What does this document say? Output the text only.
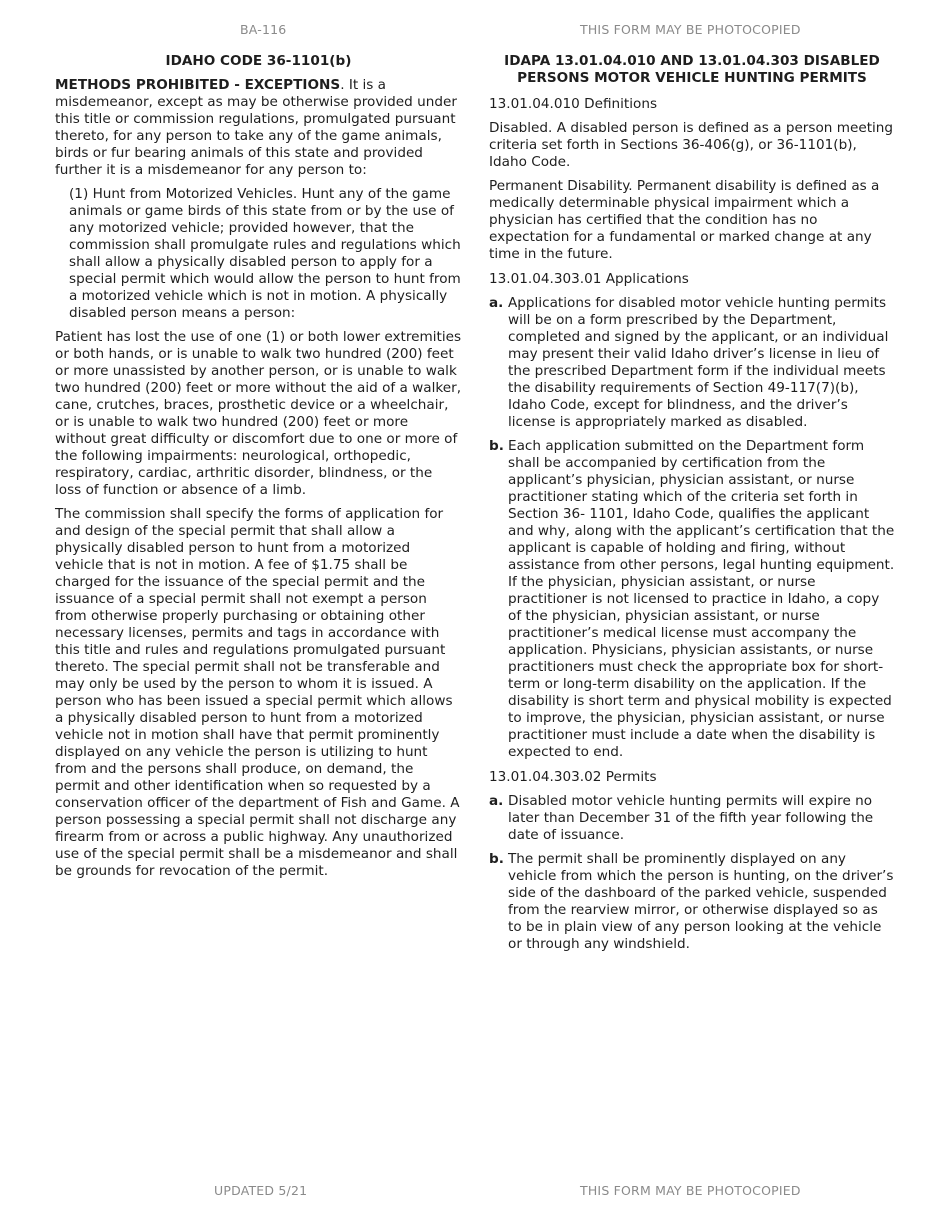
BA-116	THIS FORM MAY BE PHOTOCOPIED
IDAHO CODE 36-1101(b)

METHODS PROHIBITED - EXCEPTIONS. It is a misdemeanor, except as may be otherwise provided under this title or commission regulations, promulgated pursuant thereto, for any person to take any of the game animals, birds or fur bearing animals of this state and provided further it is a misdemeanor for any person to:

(1) Hunt from Motorized Vehicles. Hunt any of the game animals or game birds of this state from or by the use of any motorized vehicle; provided however, that the commission shall promulgate rules and regulations which shall allow a physically disabled person to apply for a special permit which would allow the person to hunt from a motorized vehicle which is not in motion. A physically disabled person means a person:

Patient has lost the use of one (1) or both lower extremities or both hands, or is unable to walk two hundred (200) feet or more unassisted by another person, or is unable to walk two hundred (200) feet or more without the aid of a walker, cane, crutches, braces, prosthetic device or a wheelchair, or is unable to walk two hundred (200) feet or more without great difficulty or discomfort due to one or more of the following impairments: neurological, orthopedic, respiratory, cardiac, arthritic disorder, blindness, or the loss of function or absence of a limb.

The commission shall specify the forms of application for and design of the special permit that shall allow a physically disabled person to hunt from a motorized vehicle that is not in motion. A fee of $1.75 shall be charged for the issuance of the special permit and the issuance of a special permit shall not exempt a person from otherwise properly purchasing or obtaining other necessary licenses, permits and tags in accordance with this title and rules and regulations promulgated pursuant thereto. The special permit shall not be transferable and may only be used by the person to whom it is issued. A person who has been issued a special permit which allows a physically disabled person to hunt from a motorized vehicle not in motion shall have that permit prominently displayed on any vehicle the person is utilizing to hunt from and the persons shall produce, on demand, the permit and other identification when so requested by a conservation officer of the department of Fish and Game. A person possessing a special permit shall not discharge any firearm from or across a public highway. Any unauthorized use of the special permit shall be a misdemeanor and shall be grounds for revocation of the permit.

IDAPA 13.01.04.010 AND 13.01.04.303 DISABLED
PERSONS MOTOR VEHICLE HUNTING PERMITS
13.01.04.010 Definitions

Disabled. A disabled person is defined as a person meeting criteria set forth in Sections 36-406(g), or 36-1101(b), Idaho Code.

Permanent Disability. Permanent disability is defined as a medically determinable physical impairment which a physician has certified that the condition has no expectation for a fundamental or marked change at any time in the future.

13.01.04.303.01 Applications
a. Applications for disabled motor vehicle hunting permits will be on a form prescribed by the Department, completed and signed by the applicant, or an individual may present their valid Idaho driver’s license in lieu of the prescribed Department form if the individual meets the disability requirements of Section 49-117(7)(b), Idaho Code, except for blindness, and the driver’s license is appropriately marked as disabled.
b. Each application submitted on the Department form shall be accompanied by certification from the applicant’s physician, physician assistant, or nurse practitioner stating which of the criteria set forth in Section 36- 1101, Idaho Code, qualifies the applicant and why, along with the applicant’s certification that the applicant is capable of holding and firing, without assistance from other persons, legal hunting equipment. If the physician, physician assistant, or nurse practitioner is not licensed to practice in Idaho, a copy of the physician, physician assistant, or nurse practitioner’s medical license must accompany the application. Physicians, physician assistants, or nurse practitioners must check the appropriate box for short-term or long-term disability on the application. If the disability is short term and physical mobility is expected to improve, the physician, physician assistant, or nurse practitioner must include a date when the disability is expected to end.
13.01.04.303.02 Permits
a. Disabled motor vehicle hunting permits will expire no later than December 31 of the fifth year following the date of issuance.
b. The permit shall be prominently displayed on any vehicle from which the person is hunting, on the driver’s side of the dashboard of the parked vehicle, suspended from the rearview mirror, or otherwise displayed so as to be in plain view of any person looking at the vehicle or through any windshield.
UPDATED 5/21	THIS FORM MAY BE PHOTOCOPIED
